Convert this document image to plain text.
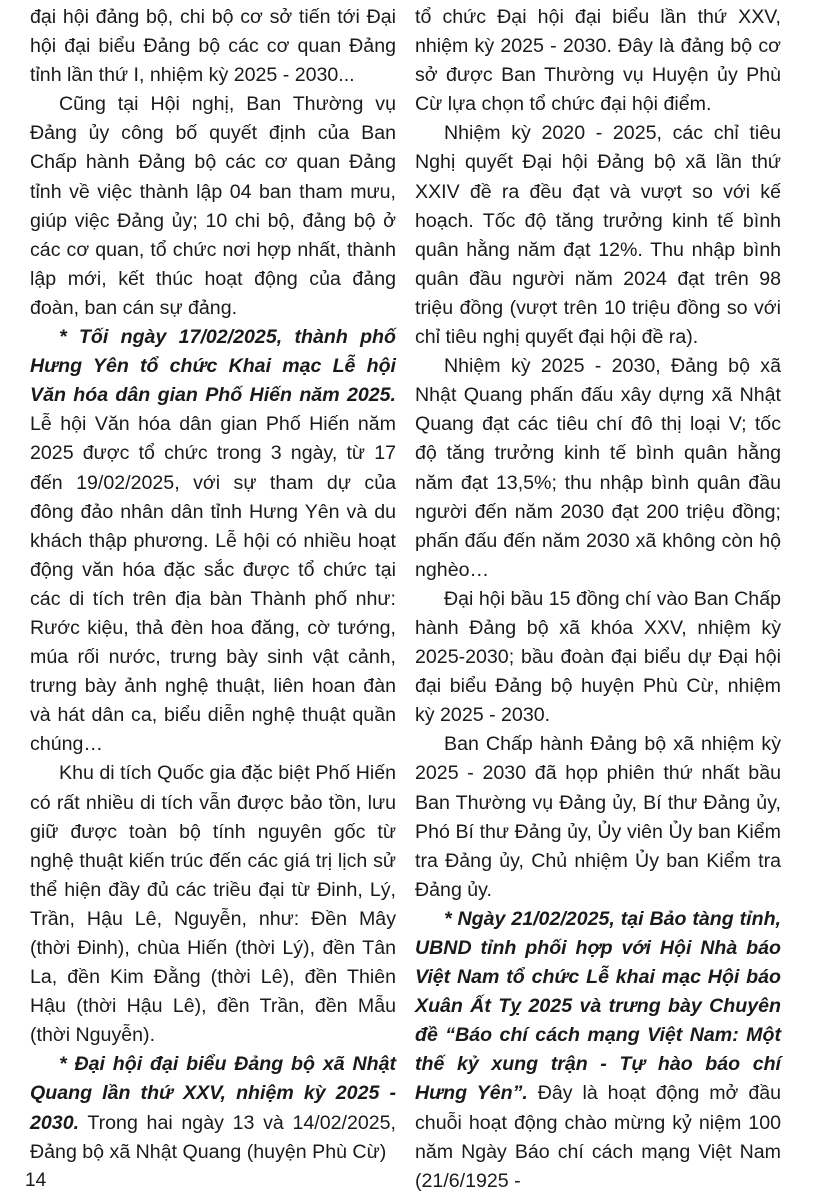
đại hội đảng bộ, chi bộ cơ sở tiến tới Đại hội đại biểu Đảng bộ các cơ quan Đảng tỉnh lần thứ I, nhiệm kỳ 2025 - 2030...

Cũng tại Hội nghị, Ban Thường vụ Đảng ủy công bố quyết định của Ban Chấp hành Đảng bộ các cơ quan Đảng tỉnh về việc thành lập 04 ban tham mưu, giúp việc Đảng ủy; 10 chi bộ, đảng bộ ở các cơ quan, tổ chức nơi hợp nhất, thành lập mới, kết thúc hoạt động của đảng đoàn, ban cán sự đảng.

* Tối ngày 17/02/2025, thành phố Hưng Yên tổ chức Khai mạc Lễ hội Văn hóa dân gian Phố Hiến năm 2025. Lễ hội Văn hóa dân gian Phố Hiến năm 2025 được tổ chức trong 3 ngày, từ 17 đến 19/02/2025, với sự tham dự của đông đảo nhân dân tỉnh Hưng Yên và du khách thập phương. Lễ hội có nhiều hoạt động văn hóa đặc sắc được tổ chức tại các di tích trên địa bàn Thành phố như: Rước kiệu, thả đèn hoa đăng, cờ tướng, múa rối nước, trưng bày sinh vật cảnh, trưng bày ảnh nghệ thuật, liên hoan đàn và hát dân ca, biểu diễn nghệ thuật quần chúng…

Khu di tích Quốc gia đặc biệt Phố Hiến có rất nhiều di tích vẫn được bảo tồn, lưu giữ được toàn bộ tính nguyên gốc từ nghệ thuật kiến trúc đến các giá trị lịch sử thể hiện đầy đủ các triều đại từ Đinh, Lý, Trần, Hậu Lê, Nguyễn, như: Đền Mây (thời Đinh), chùa Hiến (thời Lý), đền Tân La, đền Kim Đằng (thời Lê), đền Thiên Hậu (thời Hậu Lê), đền Trần, đền Mẫu (thời Nguyễn).

* Đại hội đại biểu Đảng bộ xã Nhật Quang lần thứ XXV, nhiệm kỳ 2025 - 2030. Trong hai ngày 13 và 14/02/2025, Đảng bộ xã Nhật Quang (huyện Phù Cừ)

tổ chức Đại hội đại biểu lần thứ XXV, nhiệm kỳ 2025 - 2030. Đây là đảng bộ cơ sở được Ban Thường vụ Huyện ủy Phù Cừ lựa chọn tổ chức đại hội điểm.

Nhiệm kỳ 2020 - 2025, các chỉ tiêu Nghị quyết Đại hội Đảng bộ xã lần thứ XXIV đề ra đều đạt và vượt so với kế hoạch. Tốc độ tăng trưởng kinh tế bình quân hằng năm đạt 12%. Thu nhập bình quân đầu người năm 2024 đạt trên 98 triệu đồng (vượt trên 10 triệu đồng so với chỉ tiêu nghị quyết đại hội đề ra).

Nhiệm kỳ 2025 - 2030, Đảng bộ xã Nhật Quang phấn đấu xây dựng xã Nhật Quang đạt các tiêu chí đô thị loại V; tốc độ tăng trưởng kinh tế bình quân hằng năm đạt 13,5%; thu nhập bình quân đầu người đến năm 2030 đạt 200 triệu đồng; phấn đấu đến năm 2030 xã không còn hộ nghèo…

Đại hội bầu 15 đồng chí vào Ban Chấp hành Đảng bộ xã khóa XXV, nhiệm kỳ 2025-2030; bầu đoàn đại biểu dự Đại hội đại biểu Đảng bộ huyện Phù Cừ, nhiệm kỳ 2025 - 2030.

Ban Chấp hành Đảng bộ xã nhiệm kỳ 2025 - 2030 đã họp phiên thứ nhất bầu Ban Thường vụ Đảng ủy, Bí thư Đảng ủy, Phó Bí thư Đảng ủy, Ủy viên Ủy ban Kiểm tra Đảng ủy, Chủ nhiệm Ủy ban Kiểm tra Đảng ủy.

* Ngày 21/02/2025, tại Bảo tàng tỉnh, UBND tỉnh phối hợp với Hội Nhà báo Việt Nam tổ chức Lễ khai mạc Hội báo Xuân Ất Tỵ 2025 và trưng bày Chuyên đề “Báo chí cách mạng Việt Nam: Một thế kỷ xung trận - Tự hào báo chí Hưng Yên”. Đây là hoạt động mở đầu chuỗi hoạt động chào mừng kỷ niệm 100 năm Ngày Báo chí cách mạng Việt Nam (21/6/1925 -

14
